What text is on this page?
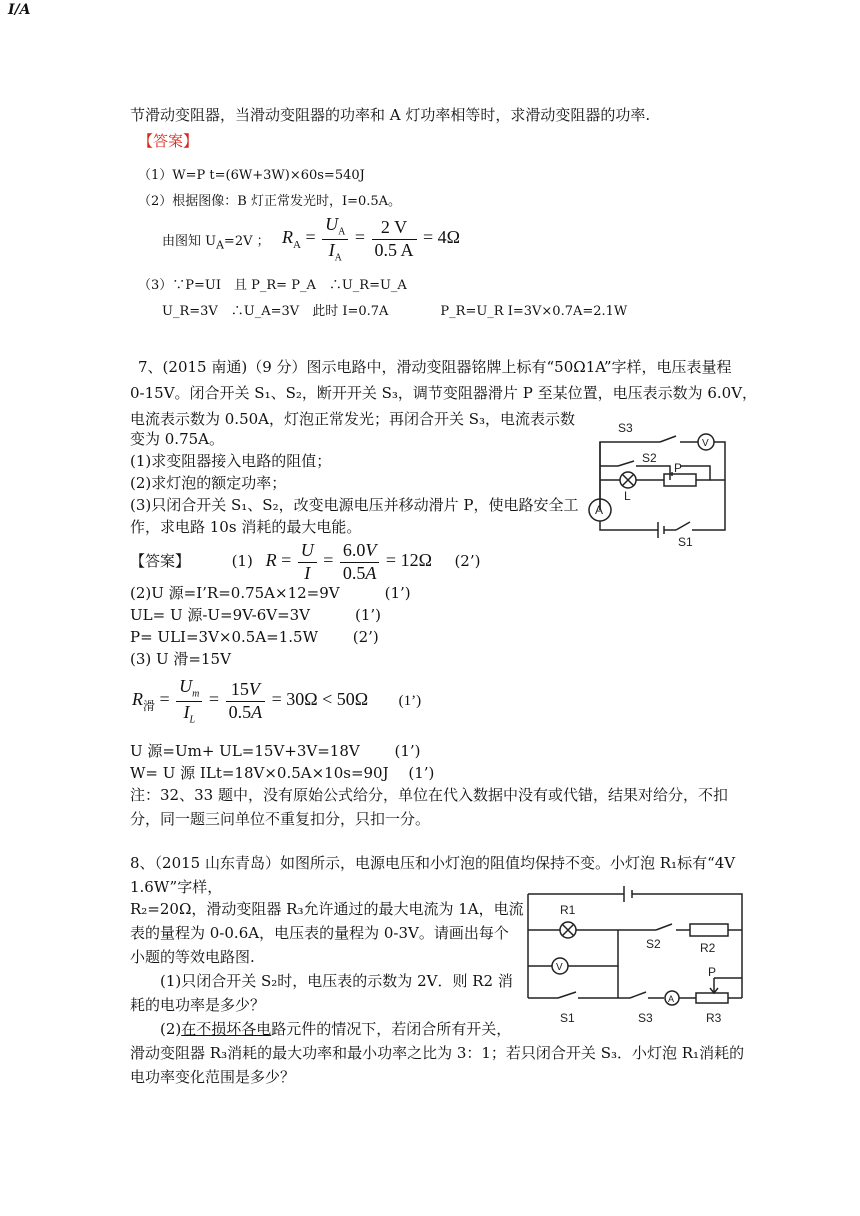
I/A
节滑动变阻器，当滑动变阻器的功率和 A 灯功率相等时，求滑动变阻器的功率.
【答案】
（1）W=P t=(6W+3W)×60s=540J
（2）根据图像：B 灯正常发光时，I=0.5A。
由图知 $U_A=2V$ ； $R_A = \frac{U_A}{I_A} = \frac{2 V}{0.5 A} = 4\Omega$
（3）∵P=UI　且 P_R= P_A　∴U_R=U_A
U_R=3V　∴U_A=3V　此时 I=0.7A　　　　P_R=U_R I=3V×0.7A=2.1W
7、(2015 南通)（9 分）图示电路中，滑动变阻器铭牌上标有“50Ω1A”字样，电压表量程
0-15V。闭合开关 S₁、S₂，断开开关 S₃，调节变阻器滑片 P 至某位置，电压表示数为 6.0V，
电流表示数为 0.50A，灯泡正常发光；再闭合开关 S₃，电流表示数
变为 0.75A。
(1)求变阻器接入电路的阻值；
(2)求灯泡的额定功率；
(3)只闭合开关 S₁、S₂，改变电源电压并移动滑片 P，使电路安全工
作，求电路 10s 消耗的最大电能。
S3
V
S2
P
L
A
S1
【答案】	(1) $R = \frac{U}{I} = \frac{6.0V}{0.5A} = 12\Omega$ (2’)
(2)U 源=I’R=0.75A×12=9V　　　(1’)
UL= U 源-U=9V-6V=3V　　　(1’)
P= ULI=3V×0.5A=1.5W　　 (2’)
(3) U 滑=15V
$R_滑 = \frac{U_m}{I_L} = \frac{15V}{0.5A} = 30\Omega < 50\Omega$ (1’)
U 源=Um+ UL=15V+3V=18V　　 (1’)
W= U 源 ILt=18V×0.5A×10s=90J　 (1’)
注：32、33 题中，没有原始公式给分，单位在代入数据中没有或代错，结果对给分，不扣
分，同一题三问单位不重复扣分，只扣一分。
8、（2015 山东青岛）如图所示，电源电压和小灯泡的阻值均保持不变。小灯泡 R₁标有“4V
1.6W”字样，
R₂=20Ω，滑动变阻器 R₃允许通过的最大电流为 1A，电流
表的量程为 0-0.6A，电压表的量程为 0-3V。请画出每个
小题的等效电路图.
　　(1)只闭合开关 S₂时，电压表的示数为 2V．则 R2 消
耗的电功率是多少？
　　(2)在不损坏各电路元件的情况下，若闭合所有开关，
滑动变阻器 R₃消耗的最大功率和最小功率之比为 3：1；若只闭合开关 S₃．小灯泡 R₁消耗的
电功率变化范围是多少？
R1
S2	R2
V	P
A
S1	S3	R3
